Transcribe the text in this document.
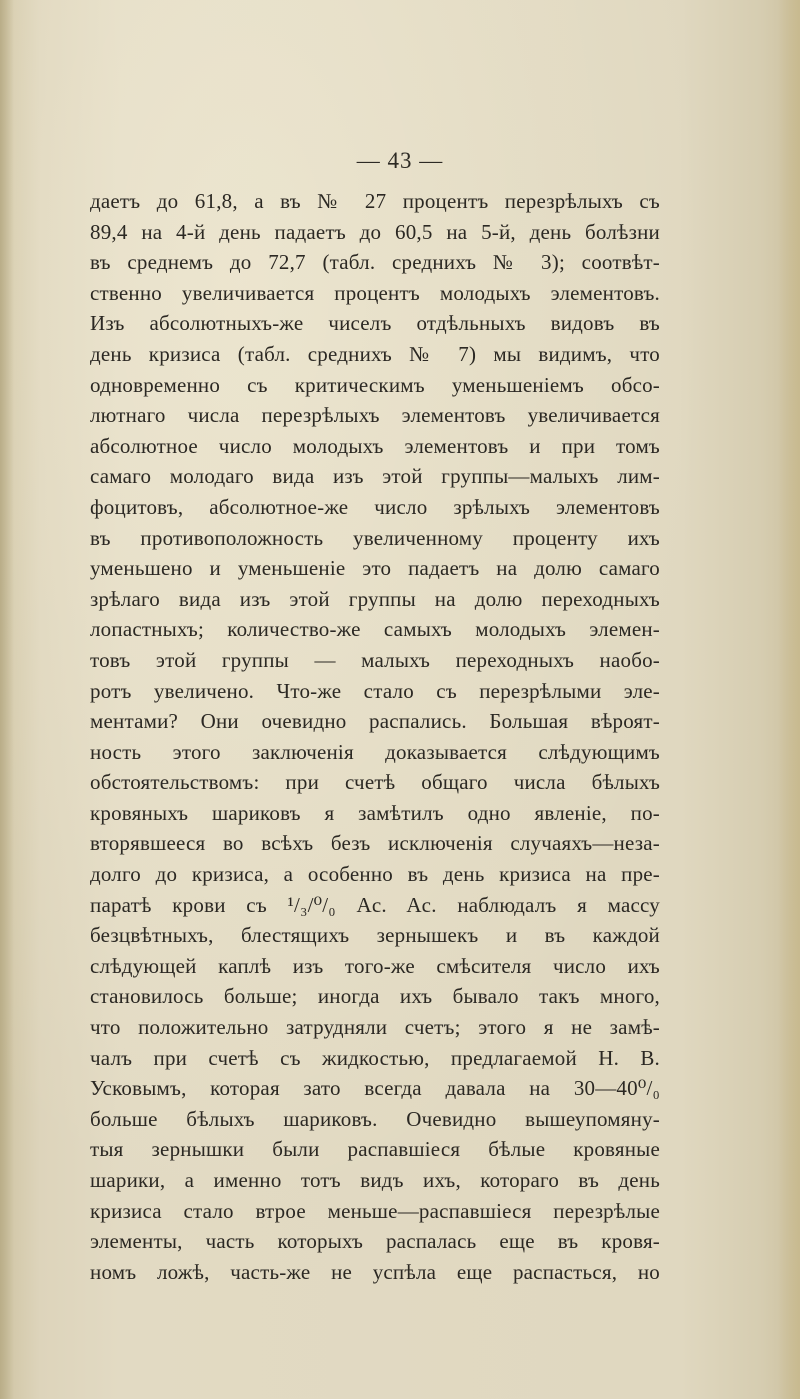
— 43 —
даетъ до 61,8, а въ № 27 процентъ перезрѣлыхъ съ
89,4 на 4-й день падаетъ до 60,5 на 5-й, день болѣзни
въ среднемъ до 72,7 (табл. среднихъ № 3); соотвѣт-
ственно увеличивается процентъ молодыхъ элементовъ.
Изъ абсолютныхъ-же чиселъ отдѣльныхъ видовъ въ
день кризиса (табл. среднихъ № 7) мы видимъ, что
одновременно съ критическимъ уменьшеніемъ обсо-
лютнаго числа перезрѣлыхъ элементовъ увеличивается
абсолютное число молодыхъ элементовъ и при томъ
самаго молодаго вида изъ этой группы—малыхъ лим-
фоцитовъ, абсолютное-же число зрѣлыхъ элементовъ
въ противоположность увеличенному проценту ихъ
уменьшено и уменьшеніе это падаетъ на долю самаго
зрѣлаго вида изъ этой группы на долю переходныхъ
лопастныхъ; количество-же самыхъ молодыхъ элемен-
товъ этой группы — малыхъ переходныхъ наобо-
ротъ увеличено. Что-же стало съ перезрѣлыми эле-
ментами? Они очевидно распались. Большая вѣроят-
ность этого заключенія доказывается слѣдующимъ
обстоятельствомъ: при счетѣ общаго числа бѣлыхъ
кровяныхъ шариковъ я замѣтилъ одно явленіе, по-
вторявшееся во всѣхъ безъ исключенія случаяхъ—неза-
долго до кризиса, а особенно въ день кризиса на пре-
паратѣ крови съ ¹/₃/⁰/₀ Ac. Ac. наблюдалъ я массу
безцвѣтныхъ, блестящихъ зернышекъ и въ каждой
слѣдующей каплѣ изъ того-же смѣсителя число ихъ
становилось больше; иногда ихъ бывало такъ много,
что положительно затрудняли счетъ; этого я не замѣ-
чалъ при счетѣ съ жидкостью, предлагаемой Н. В.
Усковымъ, которая зато всегда давала на 30—40⁰/₀
больше бѣлыхъ шариковъ. Очевидно вышеупомяну-
тыя зернышки были распавшіеся бѣлые кровяные
шарики, а именно тотъ видъ ихъ, котораго въ день
кризиса стало втрое меньше—распавшіеся перезрѣлые
элементы, часть которыхъ распалась еще въ кровя-
номъ ложѣ, часть-же не успѣла еще распасться, но
